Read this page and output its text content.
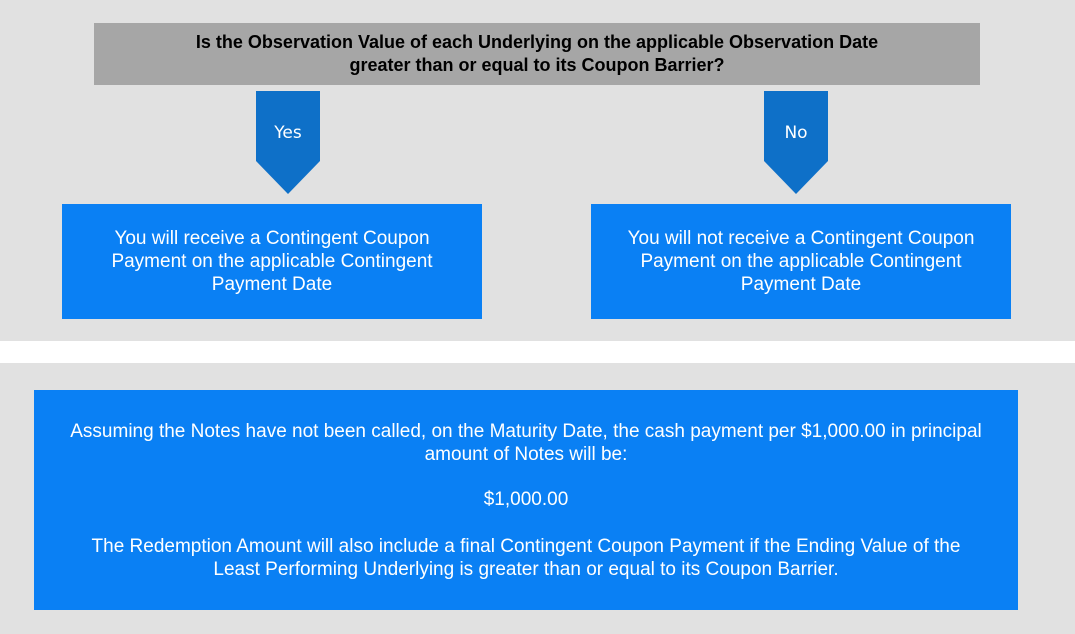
Is the Observation Value of each Underlying on the applicable Observation Date
greater than or equal to its Coupon Barrier?
Yes	No
You will receive a Contingent Coupon
Payment on the applicable Contingent
Payment Date
You will not receive a Contingent Coupon
Payment on the applicable Contingent
Payment Date
Assuming the Notes have not been called, on the Maturity Date, the cash payment per $1,000.00 in principal
amount of Notes will be:
$1,000.00
The Redemption Amount will also include a final Contingent Coupon Payment if the Ending Value of the
Least Performing Underlying is greater than or equal to its Coupon Barrier.
